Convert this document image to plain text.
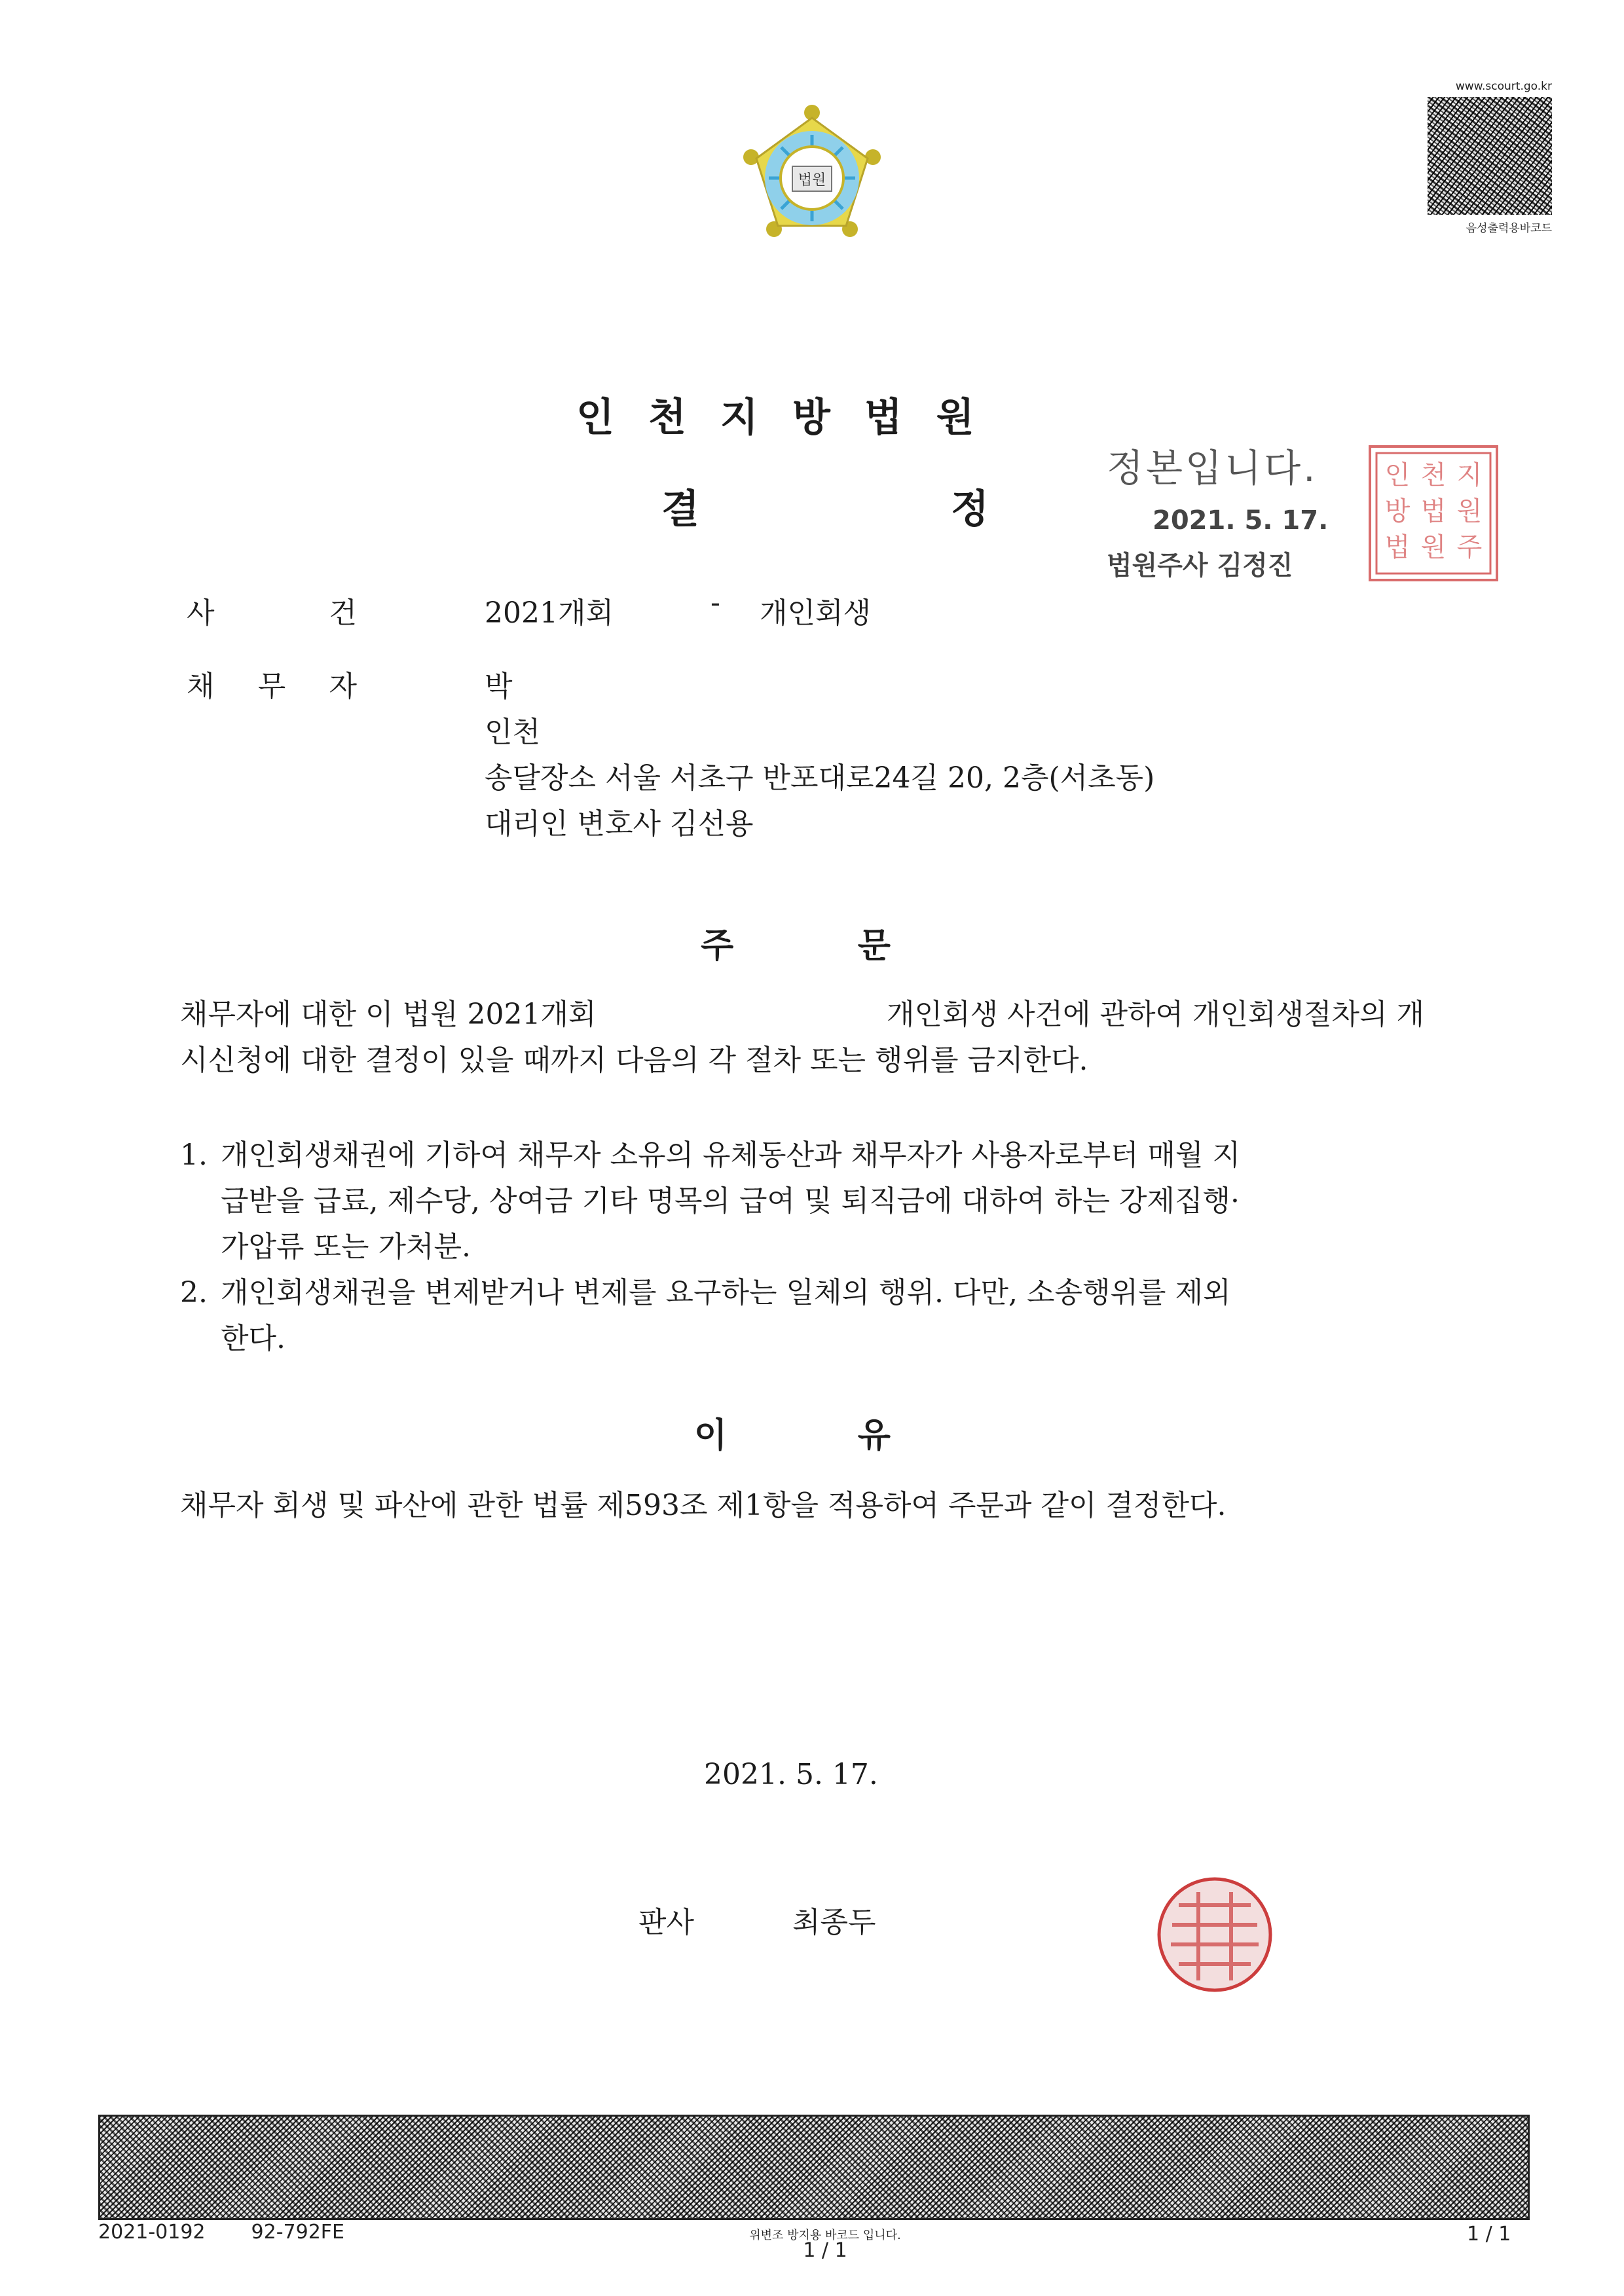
법원
www.scourt.go.kr
음성출력용바코드
인천지방법원
결	정
정본입니다.
2021. 5. 17.
법원주사 김정진
인 천 지
방 법 원
법 원 주
사	건	2021개회	- 개인회생
채 무 자	박
인천
송달장소 서울 서초구 반포대로24길 20, 2층(서초동)
대리인 변호사 김선용
주	문
채무자에 대한 이 법원 2021개회	개인회생 사건에 관하여 개인회생절차의 개
시신청에 대한 결정이 있을 때까지 다음의 각 절차 또는 행위를 금지한다.
1. 개인회생채권에 기하여 채무자 소유의 유체동산과 채무자가 사용자로부터 매월 지
급받을 급료, 제수당, 상여금 기타 명목의 급여 및 퇴직금에 대하여 하는 강제집행·
가압류 또는 가처분.
2. 개인회생채권을 변제받거나 변제를 요구하는 일체의 행위. 다만, 소송행위를 제외
한다.
이	유
채무자 회생 및 파산에 관한 법률 제593조 제1항을 적용하여 주문과 같이 결정한다.
2021. 5. 17.
판사	최종두
2021-0192 92-792FE	위변조 방지용 바코드 입니다.
1 / 1
1 / 1
